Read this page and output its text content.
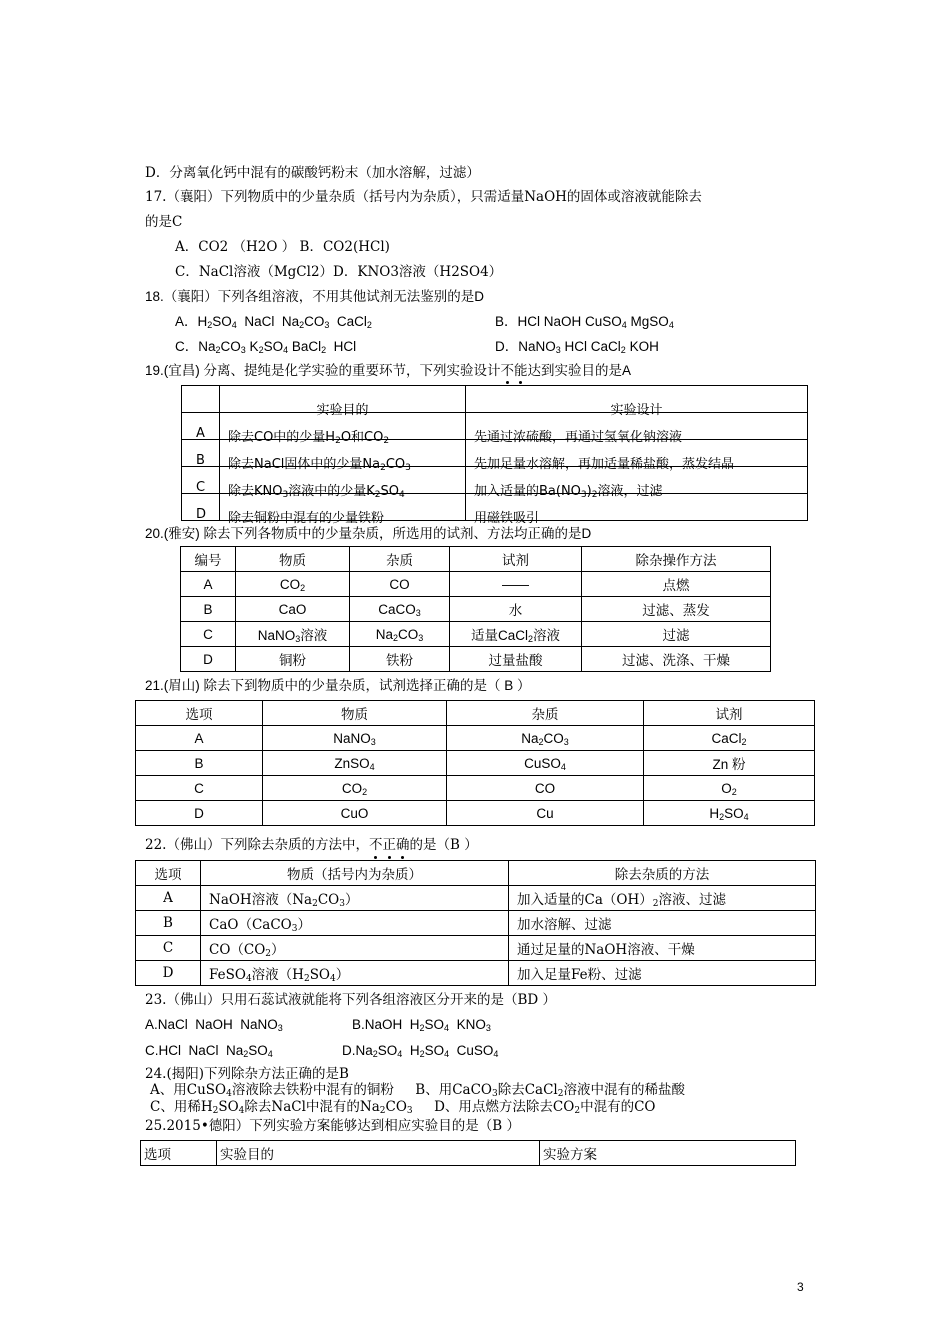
D．分离氧化钙中混有的碳酸钙粉末（加水溶解，过滤）
17.（襄阳）下列物质中的少量杂质（括号内为杂质），只需适量NaOH的固体或溶液就能除去
的是C
A．CO2 （H2O ） B．CO2(HCl)
C．NaCl溶液（MgCl2）D．KNO3溶液（H2SO4）
18.（襄阳）下列各组溶液，不用其他试剂无法鉴别的是D
A．$H_2SO_4$  NaCl  $Na_2CO_3$  CaCl$_2$	B．HCl NaOH CuSO$_4$ MgSO$_4$
C．$Na_2CO_3$ $K_2SO_4$ BaCl$_2$  HCl	D．NaNO$_3$ HCl CaCl$_2$ KOH
19.(宜昌) 分离、提纯是化学实验的重要环节，下列实验设计不能达到实验目的是A

	实验目的	实验设计

A	除去CO中的少量$H_2O$和$CO_2$	先通过浓硫酸，再通过氢氧化钠溶液

B	除去NaCl固体中的少量$Na_2CO_3$	先加足量水溶解，再加适量稀盐酸，蒸发结晶

C	除去$KNO_3$溶液中的少量$K_2SO_4$	加入适量的$Ba(NO_3)_2$溶液，过滤

D	除去铜粉中混有的少量铁粉	用磁铁吸引
20.(雅安) 除去下列各物质中的少量杂质，所选用的试剂、方法均正确的是D
编号	物质	杂质	试剂	除杂操作方法
A	$CO_2$	CO	——	点燃
B	CaO	CaCO$_3$	水	过滤、蒸发
C	NaNO$_3$溶液	$Na_2CO_3$	适量CaCl$_2$溶液	过滤
D	铜粉	铁粉	过量盐酸	过滤、洗涤、干燥
21.(眉山) 除去下到物质中的少量杂质，试剂选择正确的是（ B ）
选项	物质	杂质	试剂
A	NaNO$_3$	$Na_2CO_3$	CaCl$_2$
B	ZnSO$_4$	CuSO$_4$	Zn 粉
C	$CO_2$	CO	$O_2$
D	CuO	Cu	$H_2SO_4$
22.（佛山）下列除去杂质的方法中，不正确的是（B ）
选项	物质（括号内为杂质）	除去杂质的方法
A	NaOH溶液$(Na_2CO_3)$	加入适量的$Ca(OH)_2$溶液、过滤
B	CaO（CaCO$_3$）	加水溶解、过滤
C	$CO(CO_2)$	通过足量的NaOH溶液、干燥
D	FeSO$_4$溶液$(H_2SO_4)$	加入足量Fe粉、过滤
23.（佛山）只用石蕊试液就能将下列各组溶液区分开来的是（BD ）
A.NaCl  NaOH  NaNO$_3$	B.NaOH  $H_2SO_4$  $KNO_3$
C.HCl  NaCl  $Na_2SO_4$	$D.Na_2SO_4$  $H_2SO_4$  CuSO$_4$
24.(揭阳)下列除杂方法正确的是B
A、用CuSO$_4$溶液除去铁粉中混有的铜粉     B、用CaCO$_3$除去CaCl$_2$溶液中混有的稀盐酸
C、用稀$H_2SO_4$除去NaCl中混有的$Na_2CO_3$     D、用点燃方法除去$CO_2$中混有的CO
25.2015•德阳）下列实验方案能够达到相应实验目的是（B ）
选项	实验目的	实验方案
3
